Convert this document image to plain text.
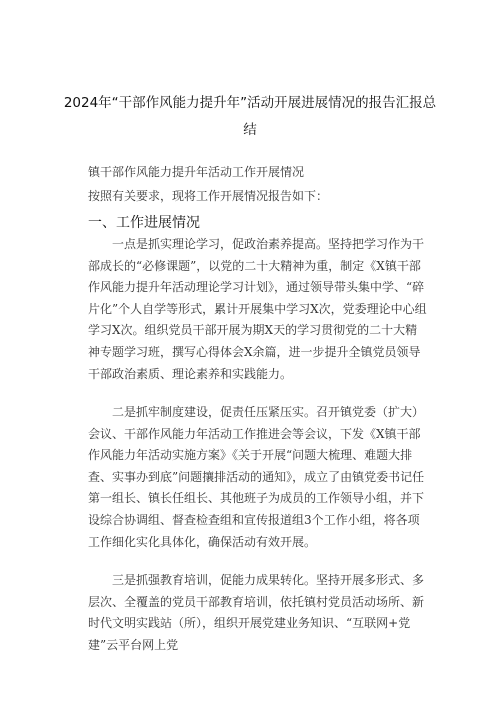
2024年“干部作风能力提升年”活动开展进展情况的报告汇报总结
镇干部作风能力提升年活动工作开展情况
按照有关要求，现将工作开展情况报告如下：
一、工作进展情况
一点是抓实理论学习，促政治素养提高。坚持把学习作为干部成长的“必修课题”，以党的二十大精神为重，制定《X镇干部作风能力提升年活动理论学习计划》，通过领导带头集中学、“碎片化”个人自学等形式，累计开展集中学习X次，党委理论中心组学习X次。组织党员干部开展为期X天的学习贯彻党的二十大精神专题学习班，撰写心得体会X余篇，进一步提升全镇党员领导干部政治素质、理论素养和实践能力。
二是抓牢制度建设，促责任压紧压实。召开镇党委（扩大）会议、干部作风能力年活动工作推进会等会议，下发《X镇干部作风能力年活动实施方案》《关于开展“问题大梳理、难题大排查、实事办到底”问题攘排活动的通知》，成立了由镇党委书记任第一组长、镇长任组长、其他班子为成员的工作领导小组，并下设综合协调组、督查检查组和宣传报道组3个工作小组，将各项工作细化实化具体化，确保活动有效开展。
三是抓强教育培训，促能力成果转化。坚持开展多形式、多层次、全覆盖的党员干部教育培训，依托镇村党员活动场所、新时代文明实践站（所），组织开展党建业务知识、“互联网+党建”云平台网上党
